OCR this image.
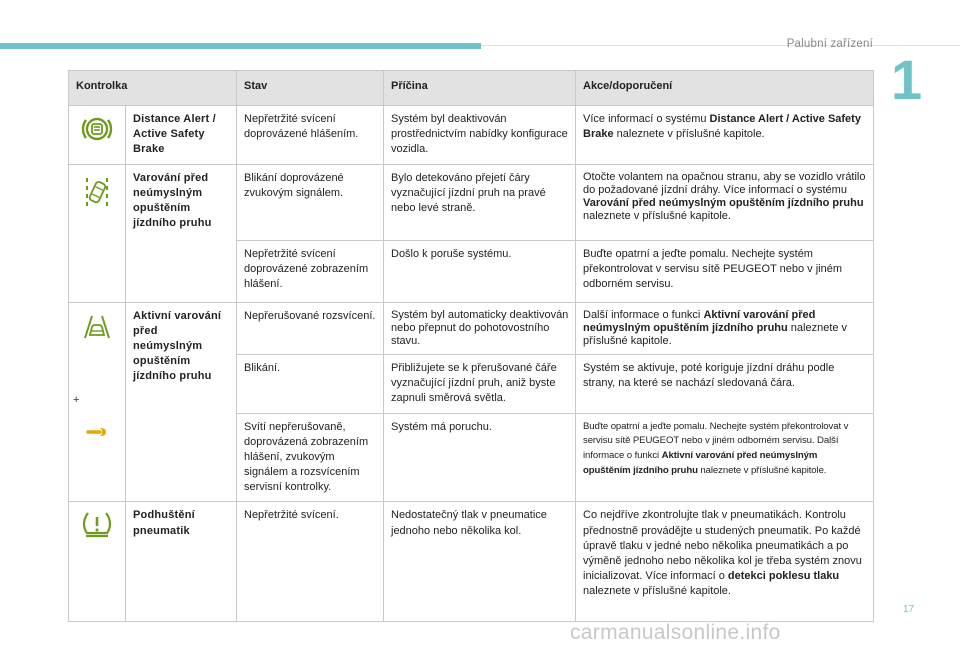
Palubní zařízení
1
Kontrolka		Stav	Příčina	Akce/doporučení

	Distance Alert / Active Safety Brake	Nepřetržité svícení doprovázené hlášením.	Systém byl deaktivován prostřednictvím nabídky konfigurace vozidla.	Více informací o systému Distance Alert / Active Safety Brake naleznete v příslušné kapitole.

	Varování před neúmyslným opuštěním jízdního pruhu	Blikání doprovázené zvukovým signálem.	Bylo detekováno přejetí čáry vyznačující jízdní pruh na pravé nebo levé straně.	Otočte volantem na opačnou stranu, aby se vozidlo vrátilo do požadované jízdní dráhy. Více informací o systému Varování před neúmyslným opuštěním jízdního pruhu naleznete v příslušné kapitole.
		Nepřetržité svícení doprovázené zobrazením hlášení.	Došlo k poruše systému.	Buďte opatrní a jeďte pomalu. Nechejte systém překontrolovat v servisu sítě PEUGEOT nebo v jiném odborném servisu.

+	Aktivní varování před neúmyslným opuštěním jízdního pruhu	Nepřerušované rozsvícení.	Systém byl automaticky deaktivován nebo přepnut do pohotovostního stavu.	Další informace o funkci Aktivní varování před neúmyslným opuštěním jízdního pruhu naleznete v příslušné kapitole.
		Blikání.	Přibližujete se k přerušované čáře vyznačující jízdní pruh, aniž byste zapnuli směrová světla.	Systém se aktivuje, poté koriguje jízdní dráhu podle strany, na které se nachází sledovaná čára.
		Svítí nepřerušovaně, doprovázená zobrazením hlášení, zvukovým signálem a rozsvícením servisní kontrolky.	Systém má poruchu.	Buďte opatrní a jeďte pomalu. Nechejte systém překontrolovat v servisu sítě PEUGEOT nebo v jiném odborném servisu. Další informace o funkci Aktivní varování před neúmyslným opuštěním jízdního pruhu naleznete v příslušné kapitole.

	Podhuštění pneumatik	Nepřetržité svícení.	Nedostatečný tlak v pneumatice jednoho nebo několika kol.	Co nejdříve zkontrolujte tlak v pneumatikách. Kontrolu přednostně provádějte u studených pneumatik. Po každé úpravě tlaku v jedné nebo několika pneumatikách a po výměně jednoho nebo několika kol je třeba systém znovu inicializovat. Více informací o detekci poklesu tlaku naleznete v příslušné kapitole.
17
carmanualsonline.info
